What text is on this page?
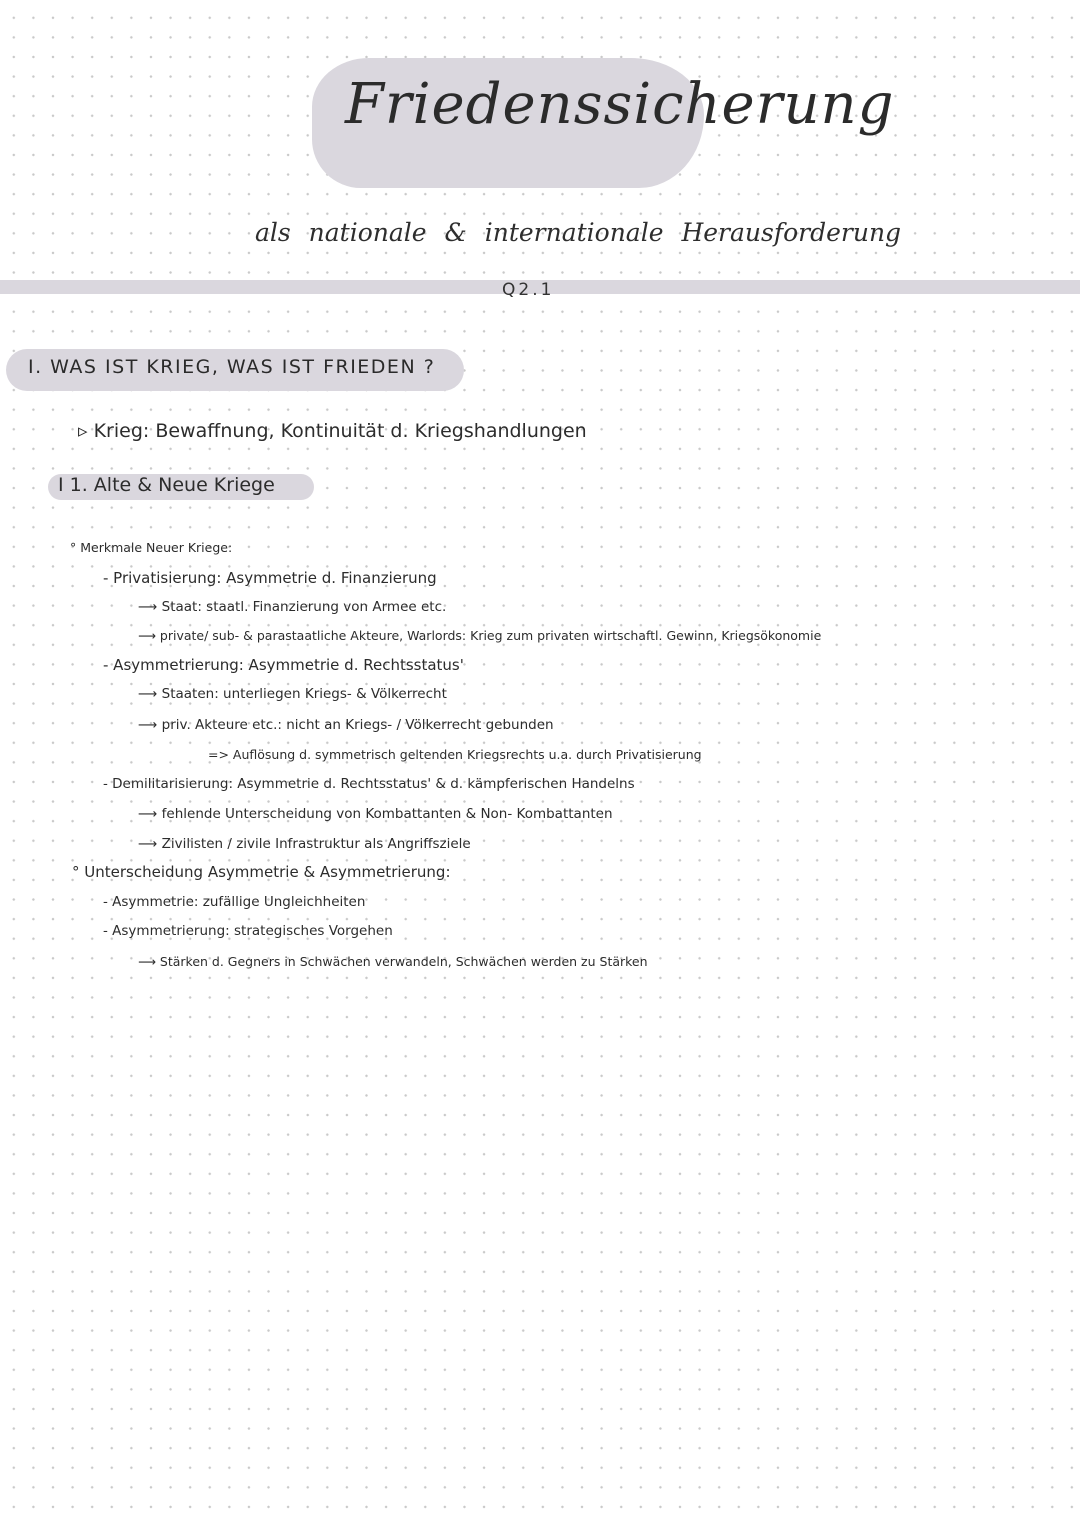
Friedenssicherung
als nationale & internationale Herausforderung
Q2.1
I. WAS IST KRIEG, WAS IST FRIEDEN ?
▹ Krieg: Bewaffnung, Kontinuität d. Kriegshandlungen
I 1. Alte & Neue Kriege
° Merkmale Neuer Kriege:
- Privatisierung: Asymmetrie d. Finanzierung
⟶ Staat: staatl. Finanzierung von Armee etc.
⟶ private/ sub- & parastaatliche Akteure, Warlords: Krieg zum privaten wirtschaftl. Gewinn, Kriegsökonomie
- Asymmetrierung: Asymmetrie d. Rechtsstatus'
⟶ Staaten: unterliegen Kriegs- & Völkerrecht
⟶ priv. Akteure etc.: nicht an Kriegs- / Völkerrecht gebunden
=> Auflösung d. symmetrisch geltenden Kriegsrechts u.a. durch Privatisierung
- Demilitarisierung: Asymmetrie d. Rechtsstatus' & d. kämpferischen Handelns
⟶ fehlende Unterscheidung von Kombattanten & Non- Kombattanten
⟶ Zivilisten / zivile Infrastruktur als Angriffsziele
° Unterscheidung Asymmetrie & Asymmetrierung:
- Asymmetrie: zufällige Ungleichheiten
- Asymmetrierung: strategisches Vorgehen
⟶ Stärken d. Gegners in Schwächen verwandeln, Schwächen werden zu Stärken
